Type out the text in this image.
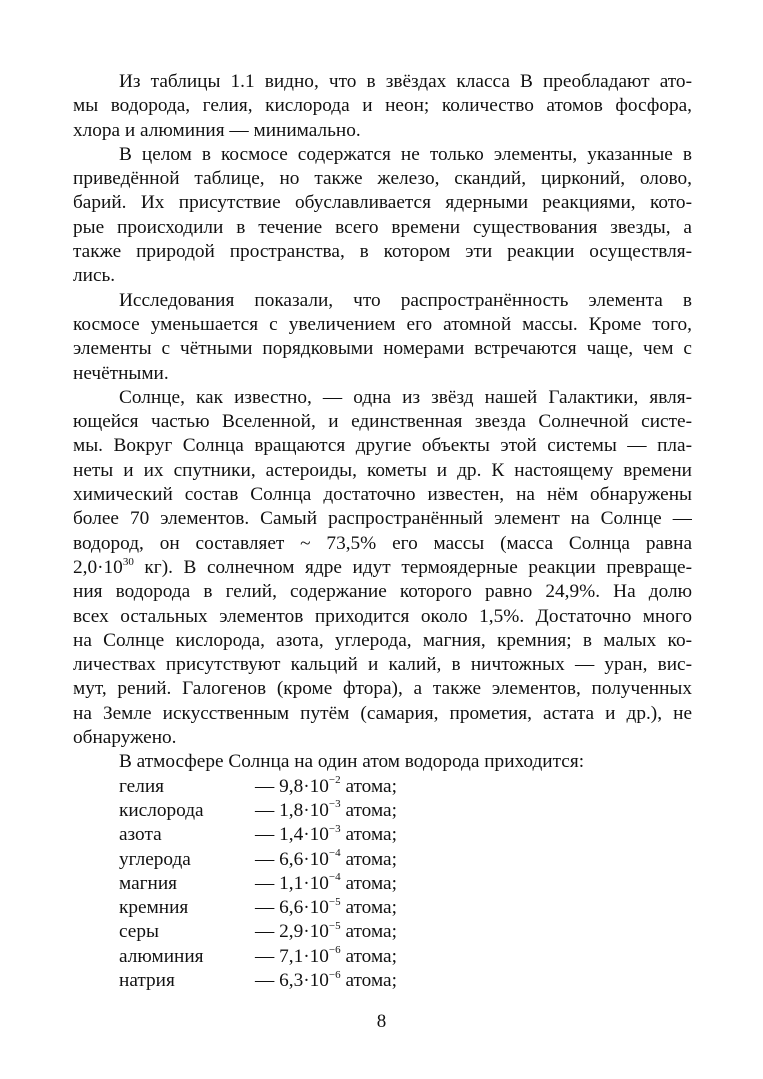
Из таблицы 1.1 видно, что в звёздах класса В преобладают ато-
мы водорода, гелия, кислорода и неон; количество атомов фосфора,
хлора и алюминия — минимально.
В целом в космосе содержатся не только элементы, указанные в
приведённой таблице, но также железо, скандий, цирконий, олово,
барий. Их присутствие обуславливается ядерными реакциями, кото-
рые происходили в течение всего времени существования звезды, а
также природой пространства, в котором эти реакции осуществля-
лись.
Исследования показали, что распространённость элемента в
космосе уменьшается с увеличением его атомной массы. Кроме того,
элементы с чётными порядковыми номерами встречаются чаще, чем с
нечётными.
Солнце, как известно, — одна из звёзд нашей Галактики, явля-
ющейся частью Вселенной, и единственная звезда Солнечной систе-
мы. Вокруг Солнца вращаются другие объекты этой системы — пла-
неты и их спутники, астероиды, кометы и др. К настоящему времени
химический состав Солнца достаточно известен, на нём обнаружены
более 70 элементов. Самый распространённый элемент на Солнце —
водород, он составляет ~ 73,5% его массы (масса Солнца равна
$2,0\cdot 10^{30}$ кг). В солнечном ядре идут термоядерные реакции превраще-
ния водорода в гелий, содержание которого равно 24,9%. На долю
всех остальных элементов приходится около 1,5%. Достаточно много
на Солнце кислорода, азота, углерода, магния, кремния; в малых ко-
личествах присутствуют кальций и калий, в ничтожных — уран, вис-
мут, рений. Галогенов (кроме фтора), а также элементов, полученных
на Земле искусственным путём (самария, прометия, астата и др.), не
обнаружено.
В атмосфере Солнца на один атом водорода приходится:
гелия	— $9,8\cdot 10^{-2}$ атома;
кислорода	— $1,8\cdot 10^{-3}$ атома;
азота	— $1,4\cdot 10^{-3}$ атома;
углерода	— $6,6\cdot 10^{-4}$ атома;
магния	— $1,1\cdot 10^{-4}$ атома;
кремния	— $6,6\cdot 10^{-5}$ атома;
серы	— $2,9\cdot 10^{-5}$ атома;
алюминия	— $7,1\cdot 10^{-6}$ атома;
натрия	— $6,3\cdot 10^{-6}$ атома;
8
